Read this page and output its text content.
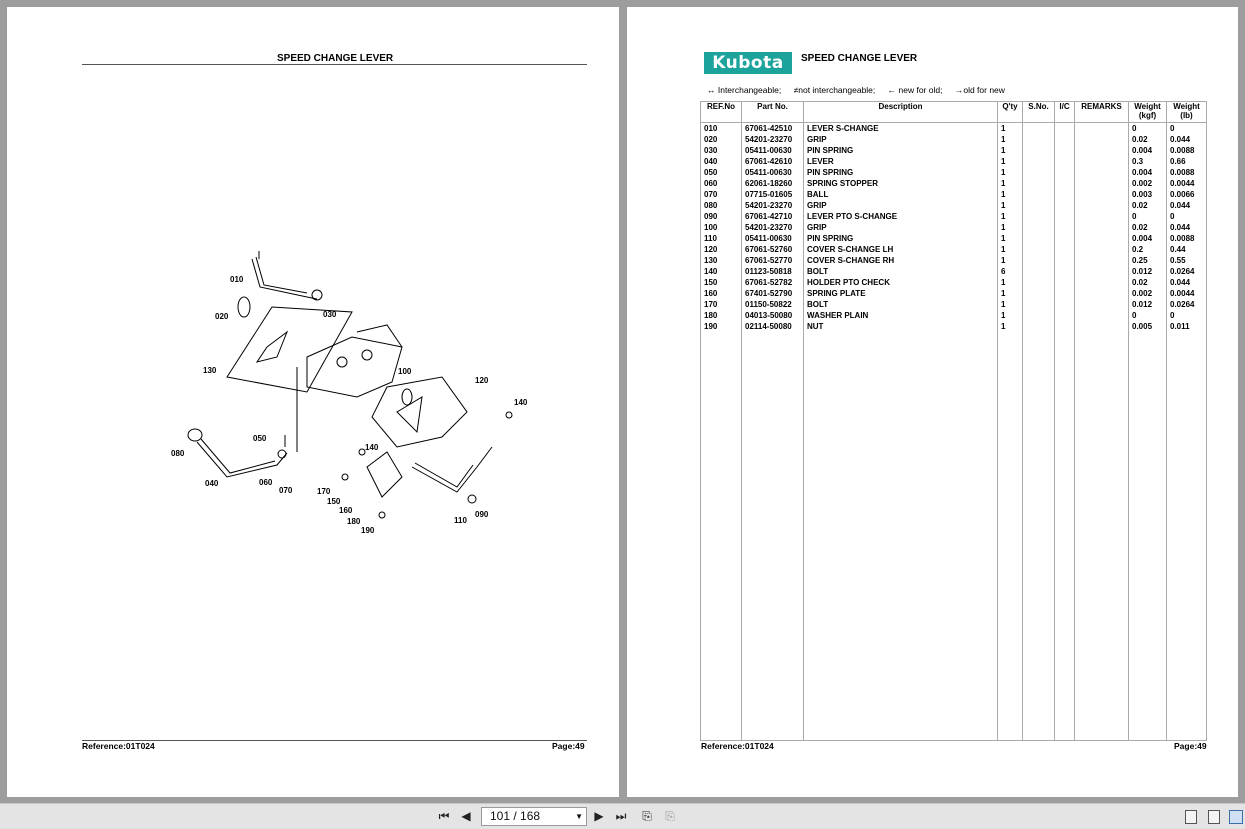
SPEED CHANGE LEVER
010
020	030
130	100
120
140
050
080
140
040	060
070	170
150
160
180
190
110
090
Reference:01T024	Page:49
Kubota	SPEED CHANGE LEVER
↔ Interchangeable; ≠not interchangeable; ← new for old; →old for new
REF.No	Part No.	Description	Q'ty	S.No.	I/C	REMARKS	Weight (kgf)	Weight (lb)
010	67061-42510	LEVER S-CHANGE	1				0	0
020	54201-23270	GRIP	1				0.02	0.044
030	05411-00630	PIN SPRING	1				0.004	0.0088
040	67061-42610	LEVER	1				0.3	0.66
050	05411-00630	PIN SPRING	1				0.004	0.0088
060	62061-18260	SPRING STOPPER	1				0.002	0.0044
070	07715-01605	BALL	1				0.003	0.0066
080	54201-23270	GRIP	1				0.02	0.044
090	67061-42710	LEVER PTO S-CHANGE	1				0	0
100	54201-23270	GRIP	1				0.02	0.044
110	05411-00630	PIN SPRING	1				0.004	0.0088
120	67061-52760	COVER S-CHANGE LH	1				0.2	0.44
130	67061-52770	COVER S-CHANGE RH	1				0.25	0.55
140	01123-50818	BOLT	6				0.012	0.0264
150	67061-52782	HOLDER PTO CHECK	1				0.02	0.044
160	67401-52790	SPRING PLATE	1				0.002	0.0044
170	01150-50822	BOLT	1				0.012	0.0264
180	04013-50080	WASHER PLAIN	1				0	0
190	02114-50080	NUT	1				0.005	0.011

Reference:01T024	Page:49
⏮ ◀ 101 / 168	▼ ▶ ⏭ ⎘ ⎘
